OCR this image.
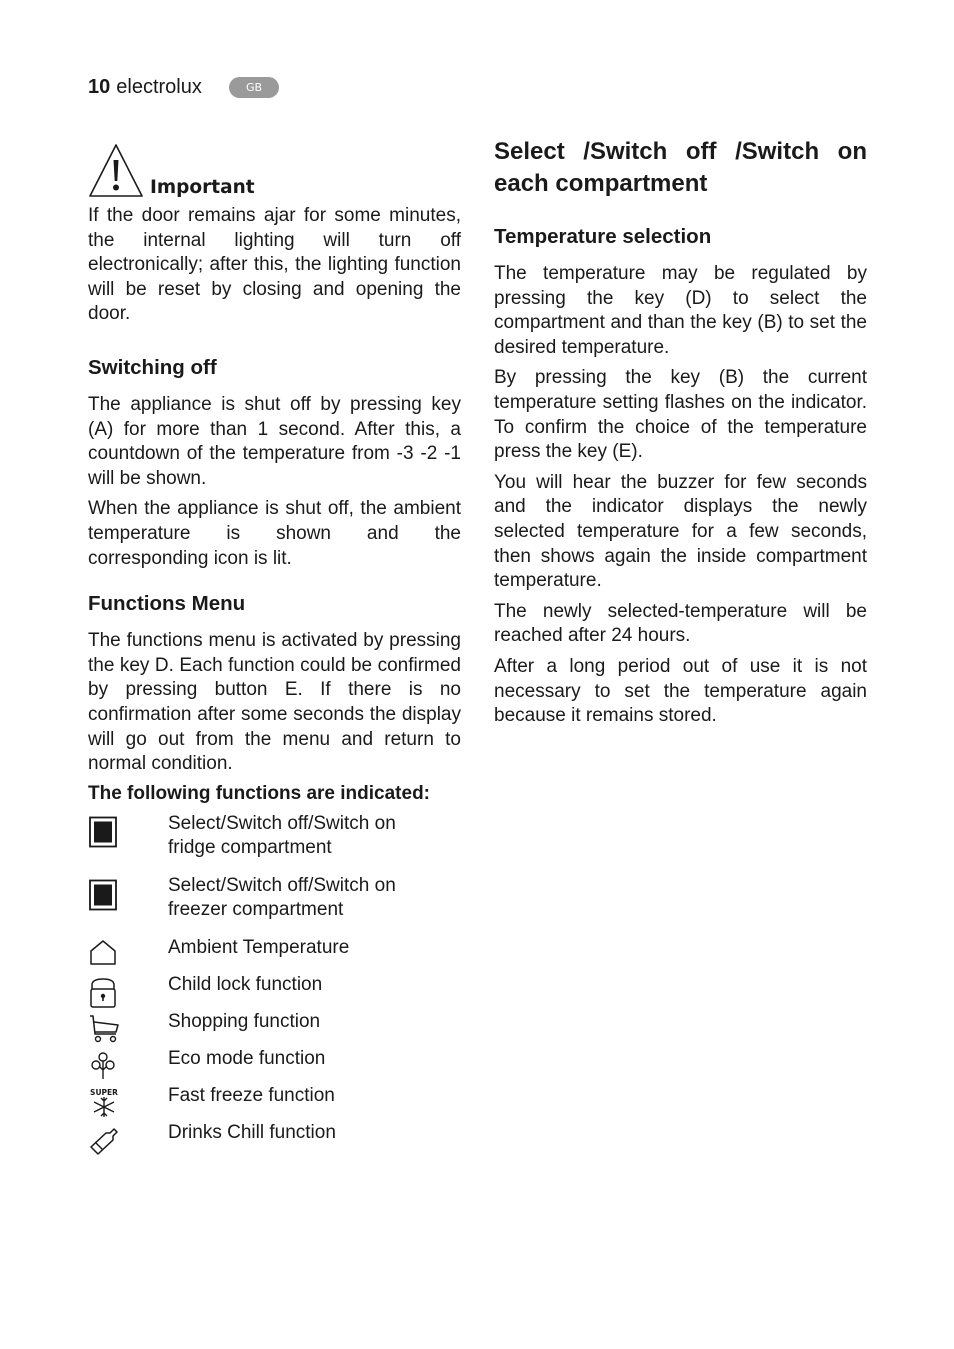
10 electrolux	GB
Important

If the door remains ajar for some minutes, the internal lighting will turn off electronically; after this, the lighting function will be reset by closing and opening the door.

Switching off

The appliance is shut off by pressing key (A) for more than 1 second. After this, a countdown of the temperature from -3 -2 -1 will be shown.

When the appliance is shut off, the ambient temperature is shown and the corresponding icon is lit.

Functions Menu

The functions menu is activated by pressing the key D. Each function could be confirmed by pressing button E. If there is no confirmation after some seconds the display will go out from the menu and return to normal condition.

The following functions are indicated:
Select/Switch off/Switch on
fridge compartment
Select/Switch off/Switch on
freezer compartment
Ambient Temperature
Child lock function
Shopping function
Eco mode function
SUPER	Fast freeze function
Drinks Chill function
Select /Switch off /Switch on
each compartment
Temperature selection

The temperature may be regulated by pressing the key (D) to select the compartment and than the key (B) to set the desired temperature.

By pressing the key (B) the current temperature setting flashes on the indicator. To confirm the choice of the temperature press the key (E).

You will hear the buzzer for few seconds and the indicator displays the newly selected temperature for a few seconds, then shows again the inside compartment temperature.

The newly selected-temperature will be reached after 24 hours.

After a long period out of use it is not necessary to set the temperature again because it remains stored.
